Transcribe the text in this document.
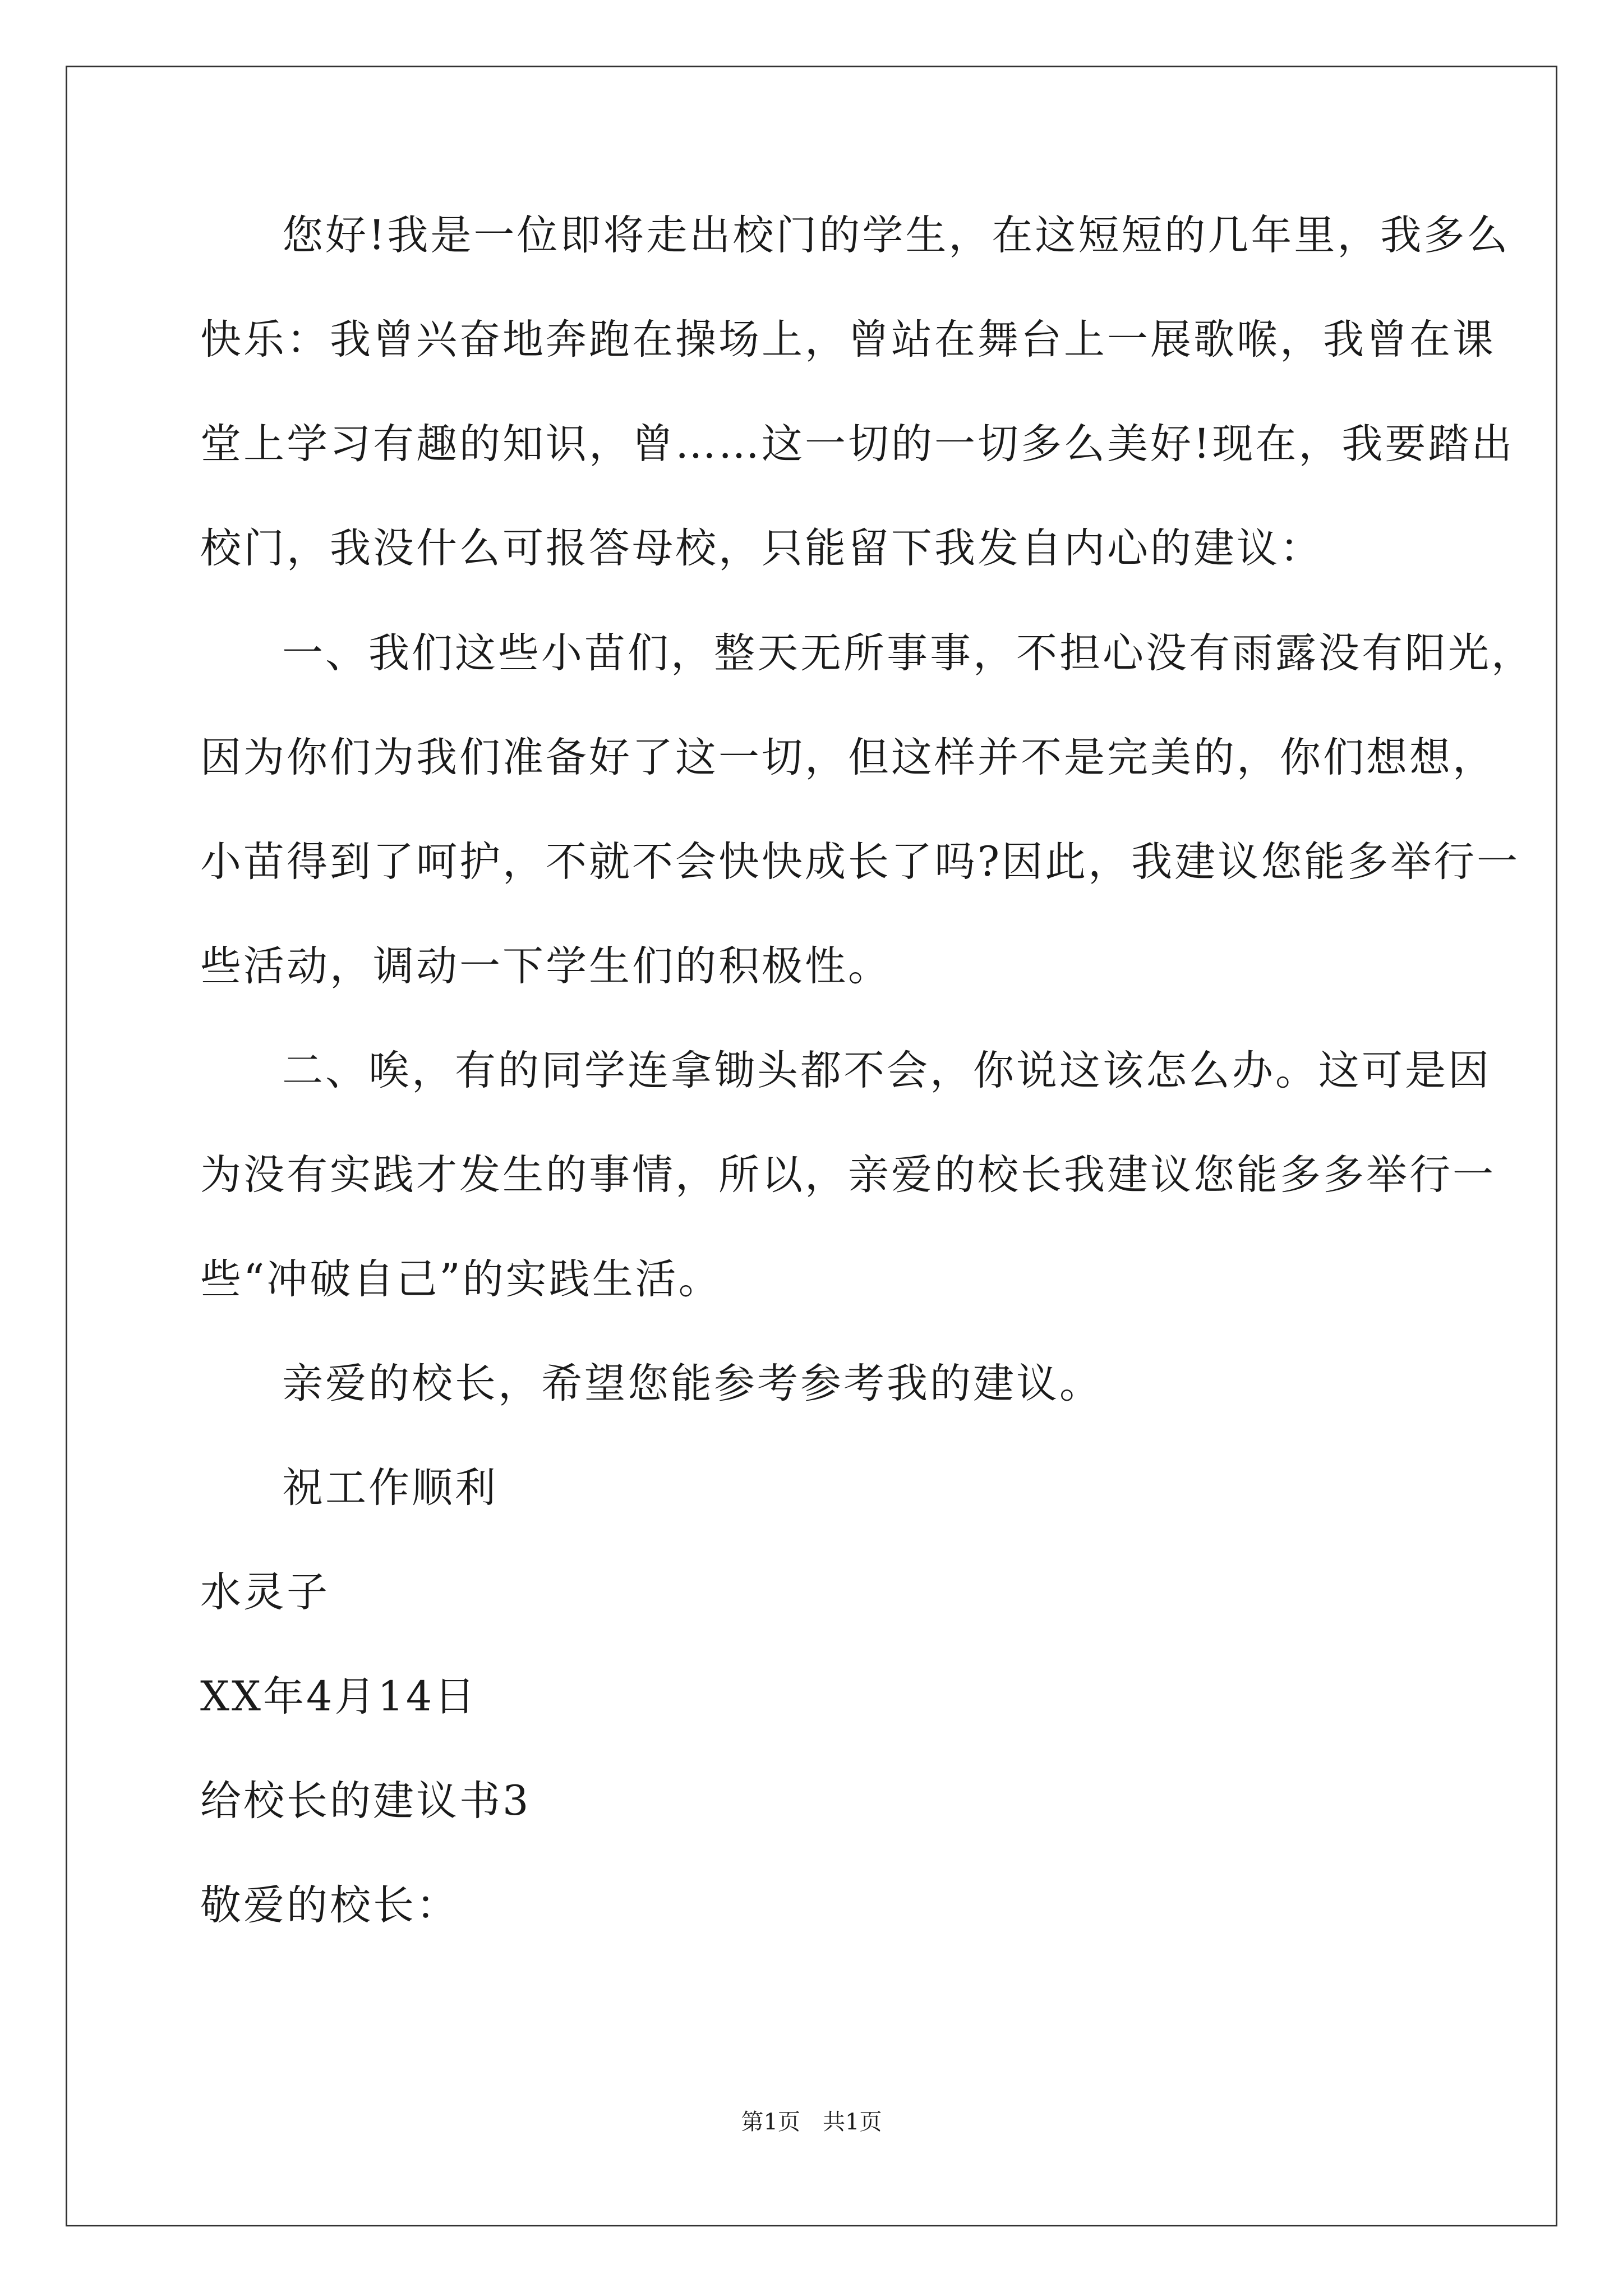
您好!我是一位即将走出校门的学生，在这短短的几年里，我多么
快乐：我曾兴奋地奔跑在操场上，曾站在舞台上一展歌喉，我曾在课
堂上学习有趣的知识，曾……这一切的一切多么美好!现在，我要踏出
校门，我没什么可报答母校，只能留下我发自内心的建议：
一、我们这些小苗们，整天无所事事，不担心没有雨露没有阳光，
因为你们为我们准备好了这一切，但这样并不是完美的，你们想想，
小苗得到了呵护，不就不会快快成长了吗?因此，我建议您能多举行一
些活动，调动一下学生们的积极性。
二、唉，有的同学连拿锄头都不会，你说这该怎么办。这可是因
为没有实践才发生的事情，所以，亲爱的校长我建议您能多多举行一
些“冲破自己”的实践生活。
亲爱的校长，希望您能参考参考我的建议。
祝工作顺利
水灵子
XX年4月14日
给校长的建议书3
敬爱的校长：
第1页　共1页
